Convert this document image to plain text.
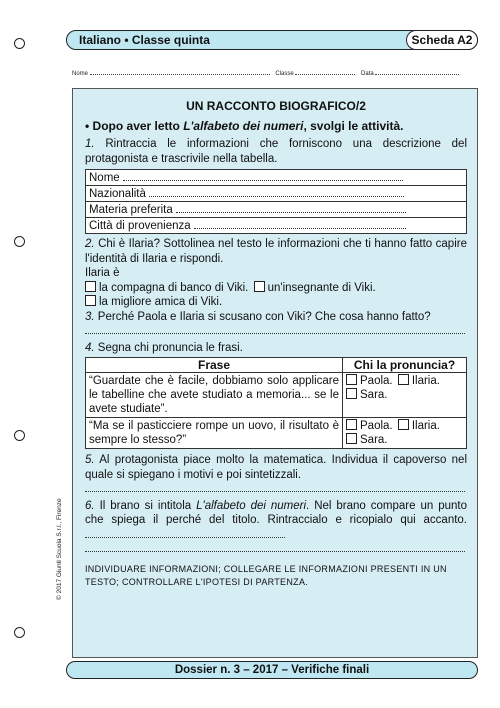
Italiano • Classe quinta	Scheda A2
Nome	Classe	Data
© 2017 Giunti Scuola S.r.l., Firenze
UN RACCONTO BIOGRAFICO/2
• Dopo aver letto L'alfabeto dei numeri, svolgi le attività.
1. Rintraccia le informazioni che forniscono una descrizione del protagonista e trascrivile nella tabella.
Nome
Nazionalità
Materia preferita
Città di provenienza
2. Chi è Ilaria? Sottolinea nel testo le informazioni che ti hanno fatto capire l'identità di Ilaria e rispondi.
Ilaria è
la compagna di banco di Viki. un'insegnante di Viki.
la migliore amica di Viki.
3. Perché Paola e Ilaria si scusano con Viki? Che cosa hanno fatto?
4. Segna chi pronuncia le frasi.
Frase	Chi la pronuncia?
“Guardate che è facile, dobbiamo solo applicare le tabelline che avete studiato a memoria... se le avete studiate”.	Paola. Ilaria.
Sara.
“Ma se il pasticciere rompe un uovo, il risultato è sempre lo stesso?”	Paola. Ilaria.
Sara.
5. Al protagonista piace molto la matematica. Individua il capoverso nel quale si spiegano i motivi e poi sintetizzali.
6. Il brano si intitola L'alfabeto dei numeri. Nel brano compare un punto che spiega il perché del titolo. Rintraccialo e ricopialo qui accanto.
INDIVIDUARE INFORMAZIONI; COLLEGARE LE INFORMAZIONI PRESENTI IN UN TESTO; CONTROLLARE L'IPOTESI DI PARTENZA.
Dossier n. 3 – 2017 – Verifiche finali
